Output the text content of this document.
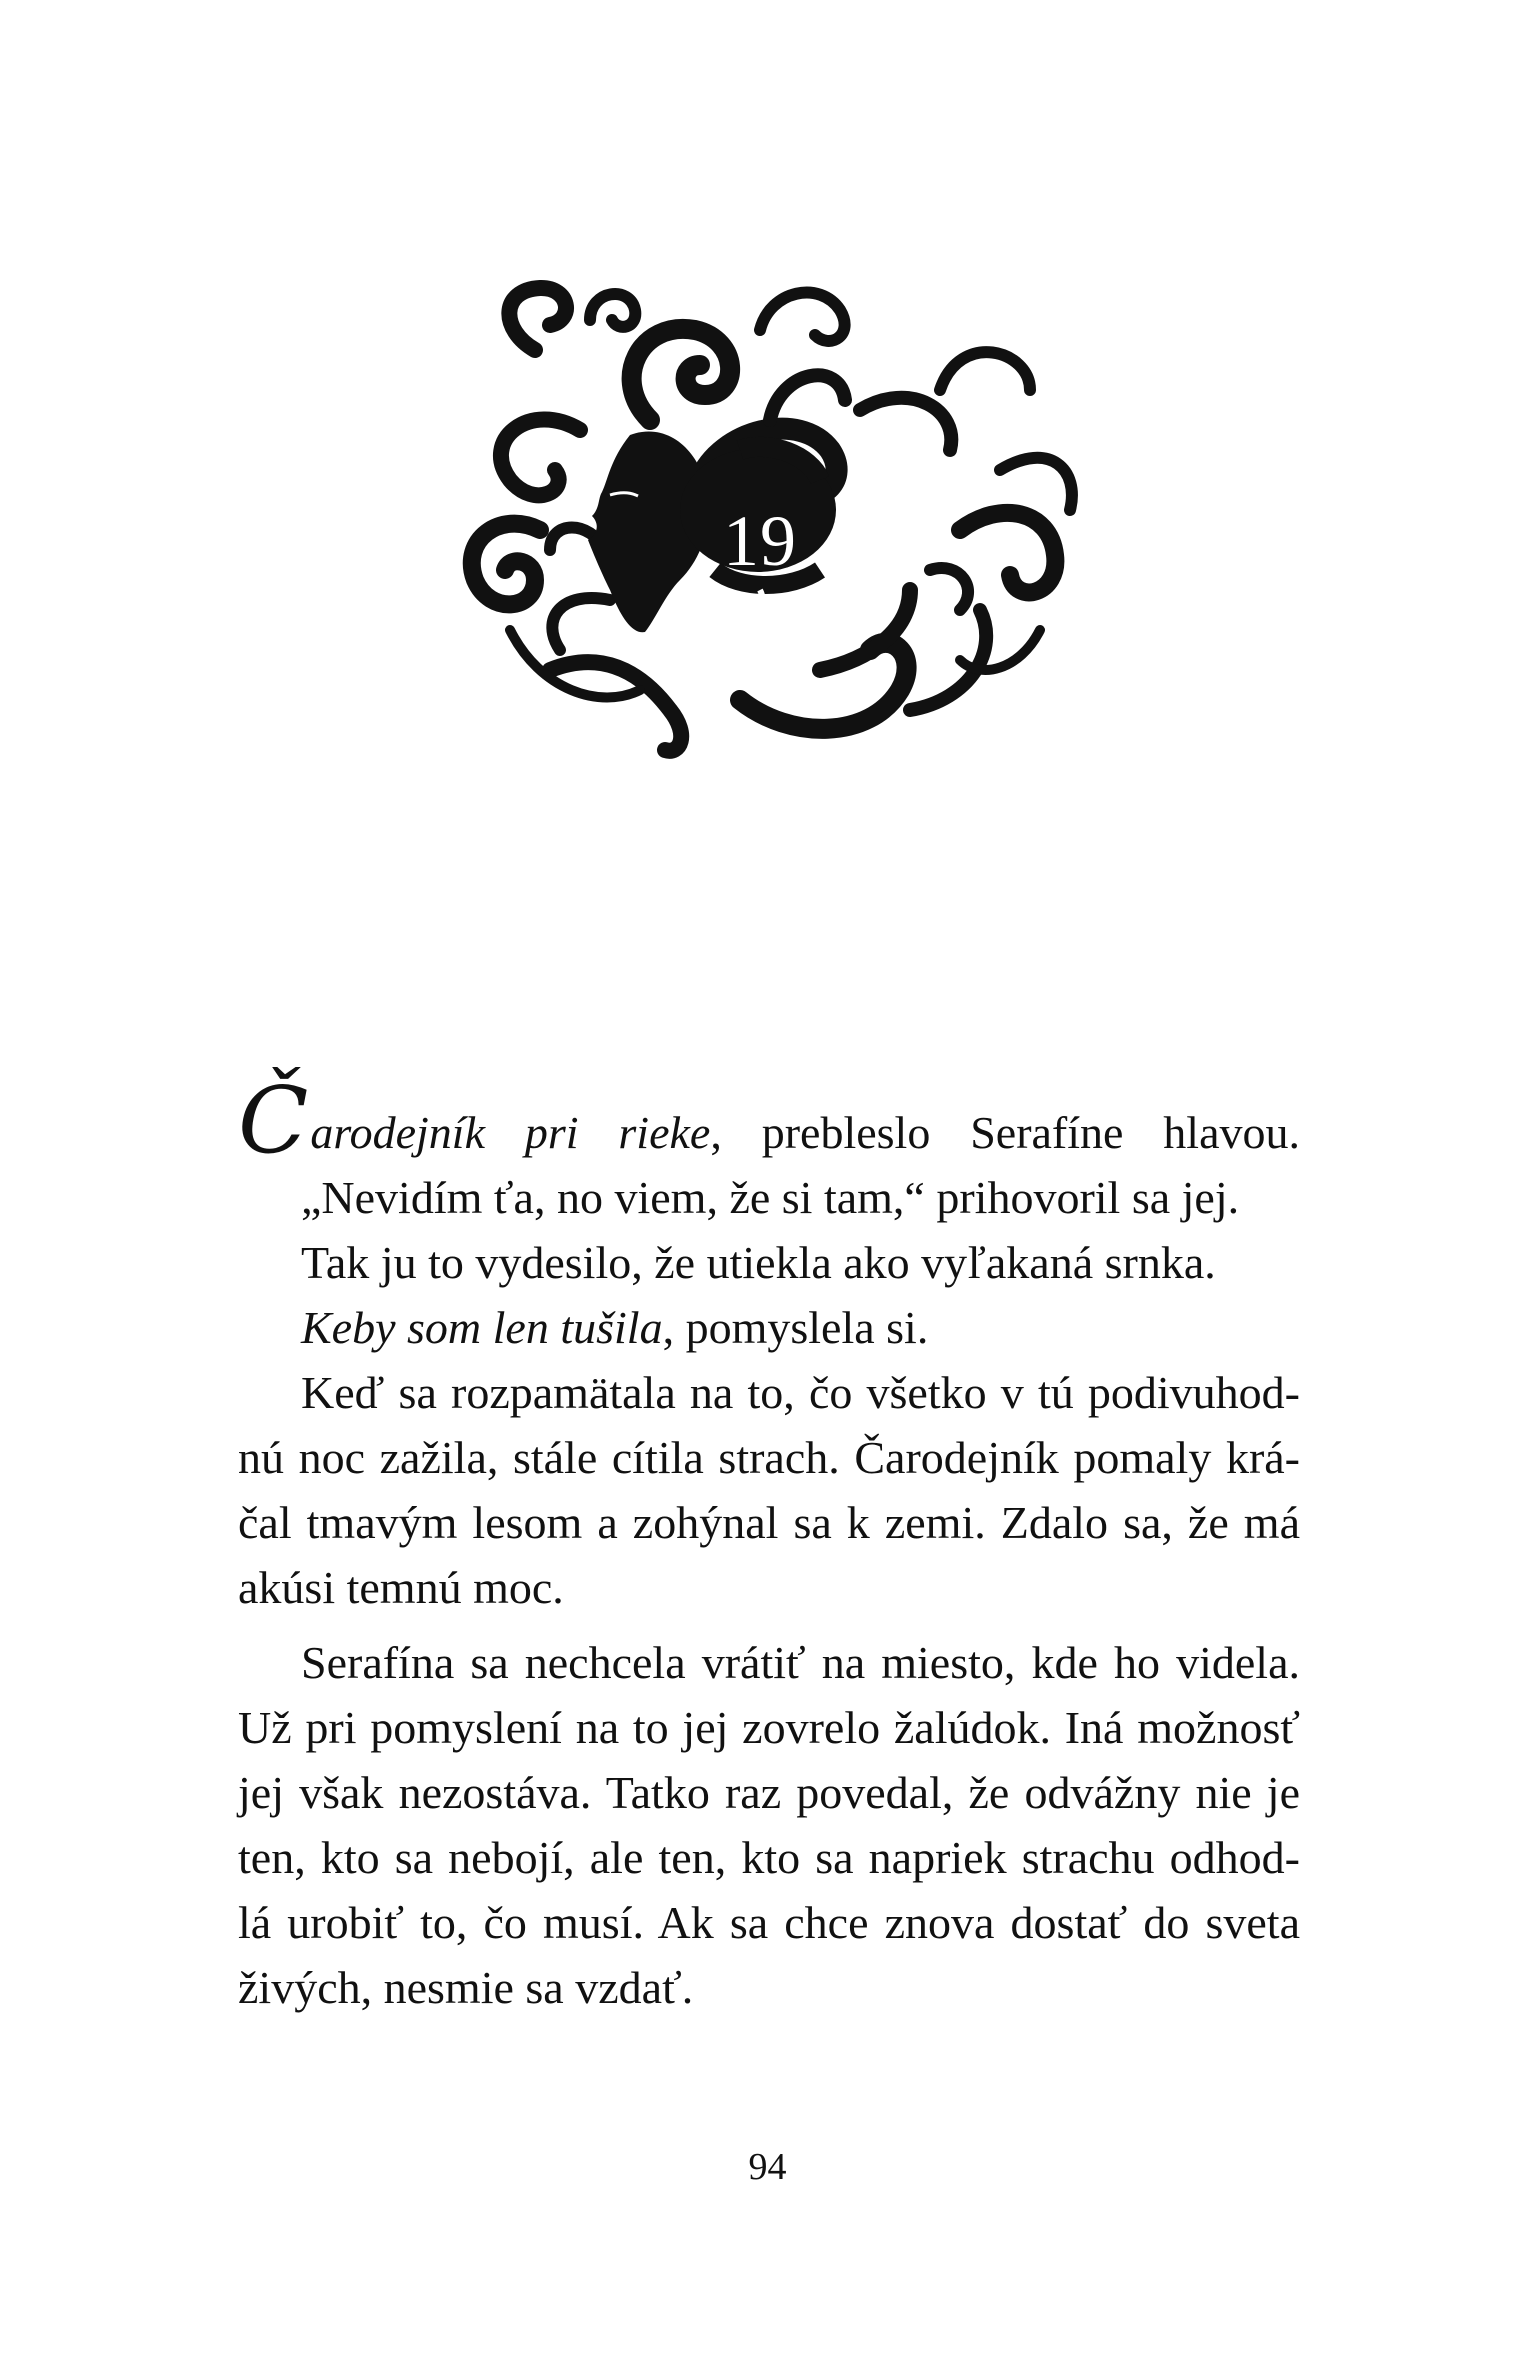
19
Čarodejník pri rieke, prebleslo Serafíne hlavou.
„Nevidím ťa, no viem, že si tam,“ prihovoril sa jej.
Tak ju to vydesilo, že utiekla ako vyľakaná srnka.
Keby som len tušila, pomyslela si.
Keď sa rozpamätala na to, čo všetko v tú podivuhod-
nú noc zažila, stále cítila strach. Čarodejník pomaly krá-
čal tmavým lesom a zohýnal sa k zemi. Zdalo sa, že má
akúsi temnú moc.
Serafína sa nechcela vrátiť na miesto, kde ho videla.
Už pri pomyslení na to jej zovrelo žalúdok. Iná možnosť
jej však nezostáva. Tatko raz povedal, že odvážny nie je
ten, kto sa nebojí, ale ten, kto sa napriek strachu odhod-
lá urobiť to, čo musí. Ak sa chce znova dostať do sveta
živých, nesmie sa vzdať.
94
